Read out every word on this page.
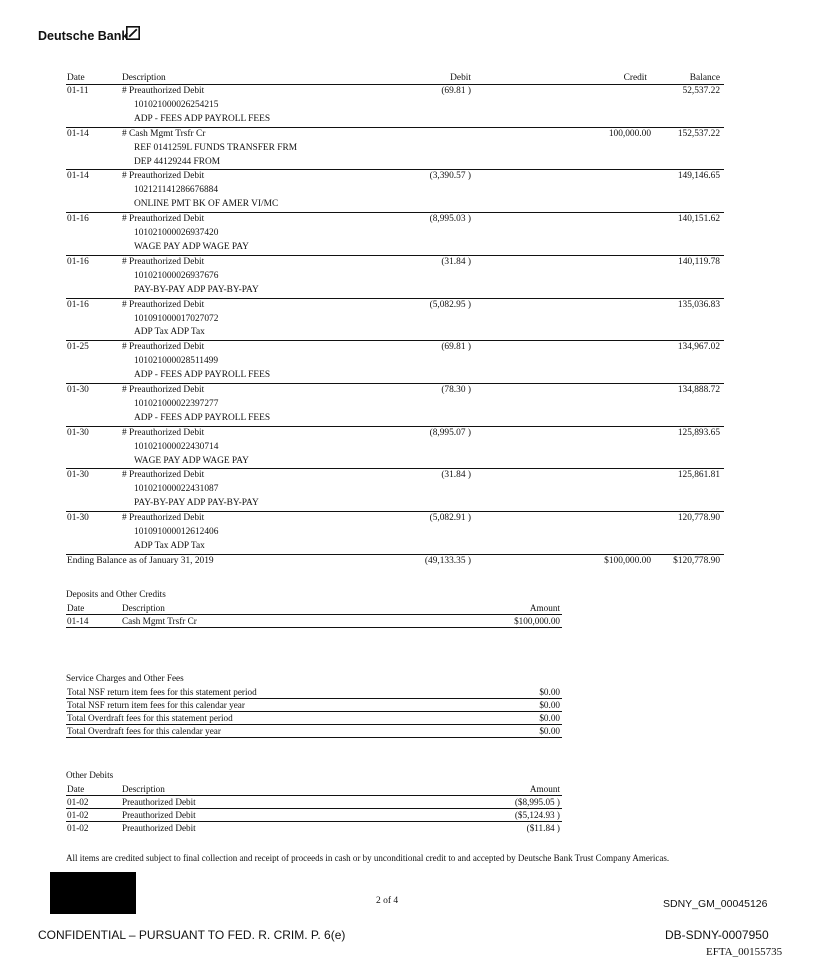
Deutsche Bank
Date	Description	Debit	Credit	Balance
01-11	# Preauthorized Debit
101021000026254215
ADP - FEES ADP PAYROLL FEES	(69.81 )		52,537.22
01-14	# Cash Mgmt Trsfr Cr
REF 0141259L FUNDS TRANSFER FRM
DEP 44129244 FROM		100,000.00	152,537.22
01-14	# Preauthorized Debit
102121141286676884
ONLINE PMT BK OF AMER VI/MC	(3,390.57 )		149,146.65
01-16	# Preauthorized Debit
101021000026937420
WAGE PAY ADP WAGE PAY	(8,995.03 )		140,151.62
01-16	# Preauthorized Debit
101021000026937676
PAY-BY-PAY ADP PAY-BY-PAY	(31.84 )		140,119.78
01-16	# Preauthorized Debit
101091000017027072
ADP Tax ADP Tax	(5,082.95 )		135,036.83
01-25	# Preauthorized Debit
101021000028511499
ADP - FEES ADP PAYROLL FEES	(69.81 )		134,967.02
01-30	# Preauthorized Debit
101021000022397277
ADP - FEES ADP PAYROLL FEES	(78.30 )		134,888.72
01-30	# Preauthorized Debit
101021000022430714
WAGE PAY ADP WAGE PAY	(8,995.07 )		125,893.65
01-30	# Preauthorized Debit
101021000022431087
PAY-BY-PAY ADP PAY-BY-PAY	(31.84 )		125,861.81
01-30	# Preauthorized Debit
101091000012612406
ADP Tax ADP Tax	(5,082.91 )		120,778.90
Ending Balance as of January 31, 2019		(49,133.35 )	$100,000.00	$120,778.90
Deposits and Other Credits
Date	Description	Amount
01-14	Cash Mgmt Trsfr Cr	$100,000.00
Service Charges and Other Fees
Total NSF return item fees for this statement period	$0.00
Total NSF return item fees for this calendar year	$0.00
Total Overdraft fees for this statement period	$0.00
Total Overdraft fees for this calendar year	$0.00
Other Debits
Date	Description	Amount
01-02	Preauthorized Debit	($8,995.05 )
01-02	Preauthorized Debit	($5,124.93 )
01-02	Preauthorized Debit	($11.84 )
All items are credited subject to final collection and receipt of proceeds in cash or by unconditional credit to and accepted by Deutsche Bank Trust Company Americas.
2 of 4	SDNY_GM_00045126
CONFIDENTIAL – PURSUANT TO FED. R. CRIM. P. 6(e)	DB-SDNY-0007950
EFTA_00155735
